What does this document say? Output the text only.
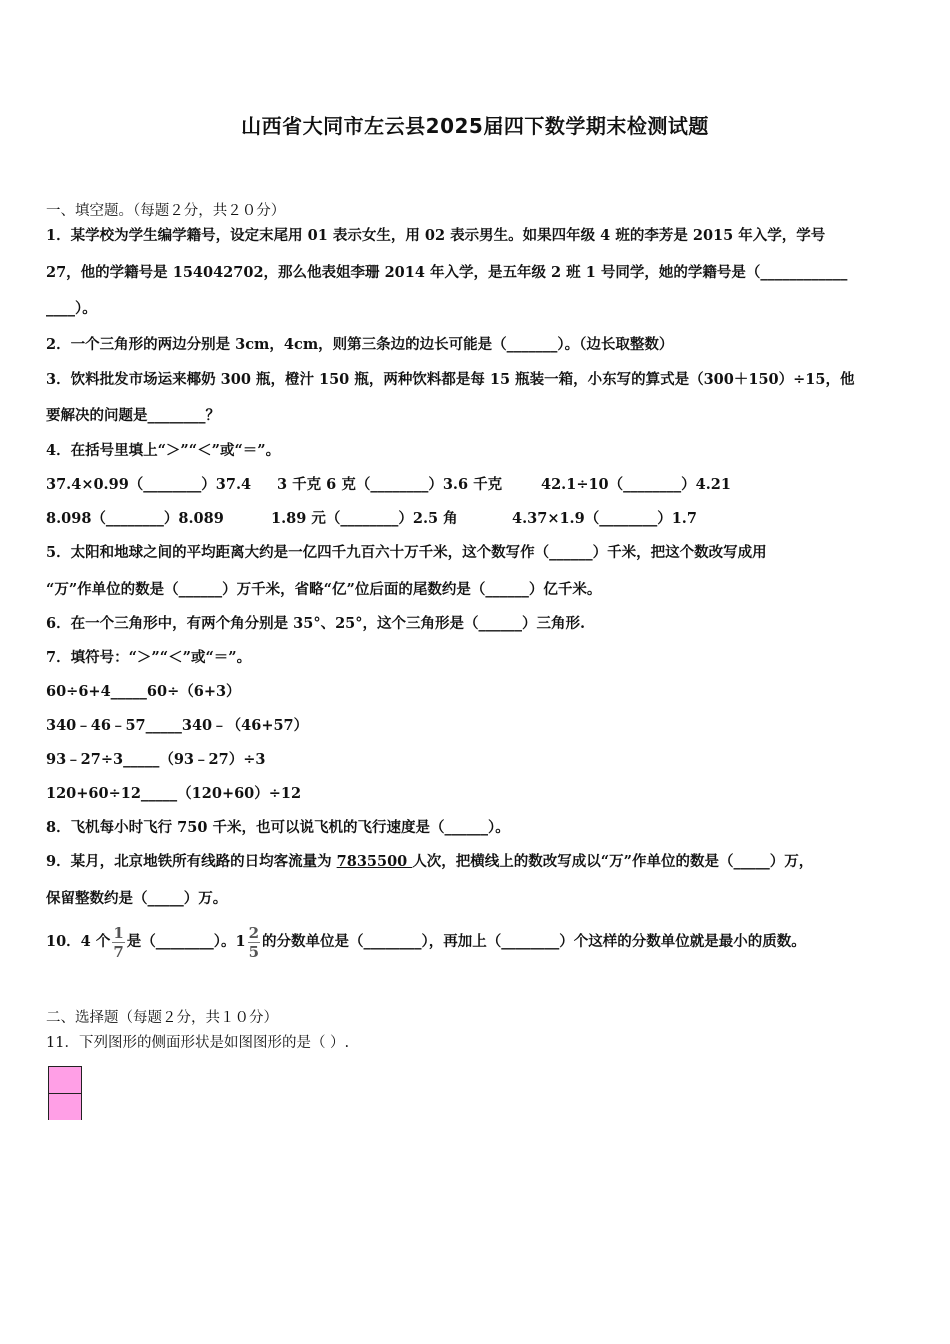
山西省大同市左云县2025届四下数学期末检测试题
一、填空题。（每题２分，共２０分）
1．某学校为学生编学籍号，设定末尾用 01 表示女生，用 02 表示男生。如果四年级 4 班的李芳是 2015 年入学，学号
27，他的学籍号是 154042702，那么他表姐李珊 2014 年入学，是五年级 2 班 1 号同学，她的学籍号是（____________
____）。
2．一个三角形的两边分别是 3cm，4cm，则第三条边的边长可能是（_______）。（边长取整数）
3．饮料批发市场运来椰奶 300 瓶，橙汁 150 瓶，两种饮料都是每 15 瓶装一箱，小东写的算式是（300＋150）÷15，他
要解决的问题是________？
4．在括号里填上“＞”“＜”或“＝”。
37.4×0.99（________）37.4 3 千克 6 克（________）3.6 千克	42.1÷10（________）4.21
8.098（________）8.089	1.89 元（________）2.5 角	4.37×1.9（________）1.7
5．太阳和地球之间的平均距离大约是一亿四千九百六十万千米，这个数写作（______）千米，把这个数改写成用
“万”作单位的数是（______）万千米，省略“亿”位后面的尾数约是（______）亿千米。
6．在一个三角形中，有两个角分别是 35°、25°，这个三角形是（______）三角形.
7．填符号：“＞”“＜”或“＝”。
60÷6+4_____60÷（6+3）
340﹣46﹣57_____340﹣（46+57）
93﹣27÷3_____（93﹣27）÷3
120+60÷12_____（120+60）÷12
8．飞机每小时飞行 750 千米，也可以说飞机的飞行速度是（______）。
9．某月，北京地铁所有线路的日均客流量为 7835500 人次，把横线上的数改写成以“万”作单位的数是（_____）万，
保留整数约是（_____）万。
10．4 个 $\frac{1}{7}$ 是（________）。$1 \frac{2}{5}$ 的分数单位是（________），再加上（________）个这样的分数单位就是最小的质数。
二、选择题（每题２分，共１０分）
11．下列图形的侧面形状是如图图形的是（ ）.
